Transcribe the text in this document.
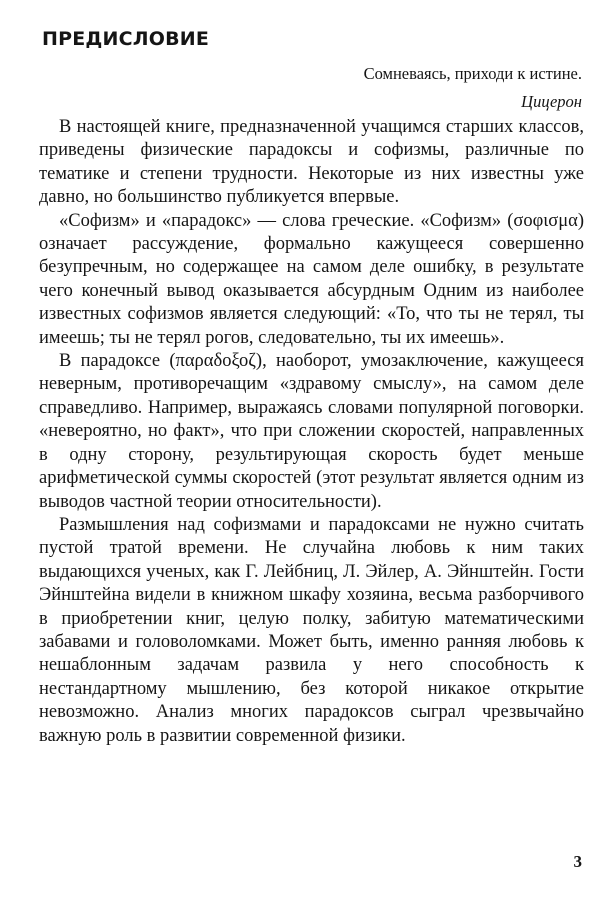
ПРЕДИСЛОВИЕ
Сомневаясь, приходи к истине.
Цицерон

В настоящей книге, предназначенной учащимся старших классов, приведены физические парадоксы и софизмы, различные по тематике и степени трудности. Некоторые из них известны уже давно, но большинство публикуется впервые.

«Софизм» и «парадокс» — слова греческие. «Софизм» (σοφισμα) означает рассуждение, формально кажущееся совершенно безупречным, но содержащее на самом деле ошибку, в результате чего конечный вывод оказывается абсурдным Одним из наиболее известных софизмов является следующий: «То, что ты не терял, ты имеешь; ты не терял рогов, следовательно, ты их имеешь».

В парадоксе (παραδοξοζ), наоборот, умозаключение, кажущееся неверным, противоречащим «здравому смыслу», на самом деле справедливо. Например, выражаясь словами популярной поговорки. «невероятно, но факт», что при сложении скоростей, направленных в одну сторону, результирующая скорость будет меньше арифметической суммы скоростей (этот результат является одним из выводов частной теории относительности).

Размышления над софизмами и парадоксами не нужно считать пустой тратой времени. Не случайна любовь к ним таких выдающихся ученых, как Г. Лейбниц, Л. Эйлер, А. Эйнштейн. Гости Эйнштейна видели в книжном шкафу хозяина, весьма разборчивого в приобретении книг, целую полку, забитую математическими забавами и головоломками. Может быть, именно ранняя любовь к нешаблонным задачам развила у него способность к нестандартному мышлению, без которой никакое открытие невозможно. Анализ многих парадоксов сыграл чрезвычайно важную роль в развитии современной физики.

3
